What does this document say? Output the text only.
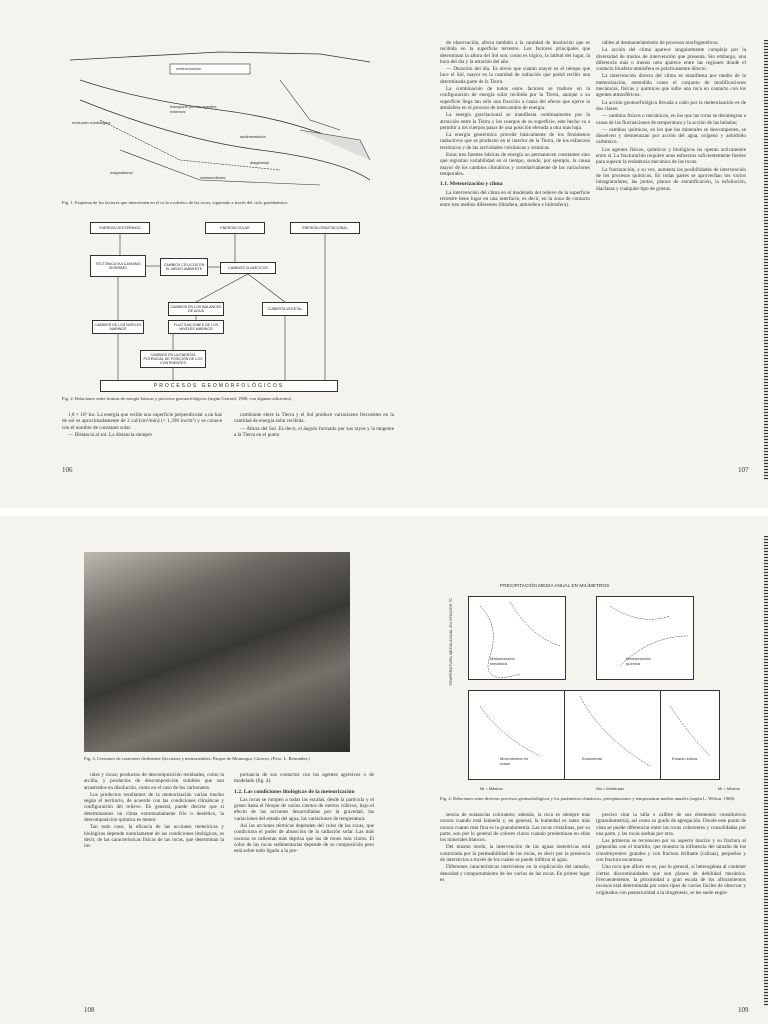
meteorización
transporte por los agentes externos
evolución edafológica
sedimentación
diagénesis
metamorfismo
magmatismo
Fig. 1. Esquema de los factores que intervienen en el ciclo evolutivo de las rocas, siguiendo a través del ciclo geodinámico.
ENERGÍA GEOTÉRMICA	ENERGÍA SOLAR	ENERGÍA GRAVITACIONAL
TECTÓNICA VULCANISMO SISMISMO
CAMBIOS CÍCLICOS EN EL MEDIO AMBIENTE	CAMBIOS CLIMÁTICOS
CAMBIOS EN LOS BALANCES DE AGUA
CUBIERTA VEGETAL
CAMBIOS DE LOS NIVELES MARINOS
FLUCTUACIONES DE LOS NIVELES MARINOS
CAMBIOS EN LA ENERGÍA POTENCIAL DE POSICIÓN DE LOS CONTINENTES
PROCESOS GEOMORFOLÓGICOS
Fig. 2. Relaciones entre formas de energía básicas y procesos geomorfológicos (según Gerrard, 1988, con algunas adiciones).

1,8 × 10² kw. La energía que recibe una superficie perpendicular a un haz de sol es aproximadamente de 2 cal/(cm²/min) (= 1,396 kw/m²) y se conoce con el nombre de constante solar.

— Distancia al sol. La distancia siempre

cambiante entre la Tierra y el Sol produce variaciones frecuentes en la cantidad de energía solar recibida.

— Altura del Sol. Es decir, el ángulo formado por sus rayos y la tangente a la Tierra en el punto

106

de observación, afecta también a la cantidad de insolación que es recibida en la superficie terrestre. Los factores principales que determinan la altura del Sol son, como es lógico, la latitud del lugar, la hora del día y la estación del año.

— Duración del día. Es obvio que cuanto mayor es el tiempo que luce el Sol, mayor es la cantidad de radiación que podrá recibir una determinada parte de la Tierra.

La combinación de todos estos factores se traduce en la configuración de energía solar recibida por la Tierra, aunque a su superficie llega tan sólo una fracción a causa del efecto que ejerce la atmósfera en el proceso de intercambio de energía.

La energía gravitacional se manifiesta continuamente por la atracción entre la Tierra y los cuerpos de su superficie, este hecho va a permitir a los cuerpos pasar de una posición elevada a otra más baja.

La energía geotérmica procede básicamente de los fenómenos radiactivos que se producen en el interior de la Tierra, de los esfuerzos tectónicos y de las actividades volcánicas y sísmicas.

Estas tres fuentes básicas de energía no permanecen constantes sino que registran variabilidad en el tiempo, siendo, por ejemplo, la causa mayor de los cambios climáticos y correlativamente de las variaciones temporales.

1.1. Meteorización y clima

La intervención del clima en el modelado del relieve de la superficie terrestre tiene lugar en una interfacie, es decir, en la zona de contacto entre tres medios diferentes (litosfera, atmósfera e hidrosfera).

rables al desmantelamiento de procesos morfogenéticos.

La acción del clima aparece singularmente compleja por la diversidad de modos de intervención que presenta. Sin embargo, una diferencia más o menos neta aparece entre las regiones donde el contacto litosfera-atmósfera es prácticamente directo.

La intervención directa del clima se manifiesta por medio de la meteorización, entendida como el conjunto de modificaciones mecánicas, físicas y químicas que sufre una roca en contacto con los agentes atmosféricos.

La acción geomorfológica llevada a cabo por la meteorización es de dos clases:

— cambios físicos o mecánicos, en los que las rocas se desintegran a causa de las fluctuaciones de temperatura y la acción de las heladas;

— cambios químicos, en los que los minerales se descomponen, se disuelven y desmenuzan por acción del agua, oxígeno y anhídrido carbónico.

Los agentes físicos, químicos y biológicos no operan activamente entre sí. La fracturación requiere unos esfuerzos suficientemente fuertes para superar la resistencia mecánica de las rocas.

La fracturación, a su vez, aumenta las posibilidades de intervención de los procesos químicos. En todas partes se aprovechan los vacíos intragranulares, las juntas, planos de estratificación, la esfoliación, diaclasas y cualquier tipo de grietas.

107
Fig. 3. Crestones de caracteres fácilmente (lecciones y meteorizables. Parque de Montsegur, Cáceres. (Foto: L. Bermúdez.)

rales y rocas; productos de descomposición residuales, como la arcilla, y productos de descomposición solubles que son arrastrados en disolución, como en el caso de los carbonatos.

Los productos resultantes de la meteorización varían mucho según el territorio, de acuerdo con las condiciones climáticas y configuración del relieve. En general, puede decirse que si determinamos un clima extremadamente frío o desértico, la descomposición química es menor.

Tan todo caso, la eficacia de las acciones meteóricas y biológicas depende notoriamente de las condiciones litológicas, es decir, de las características físicas de las rocas, que determinan la im-

portancia de sus contactos con los agentes agresivos o de modelado (fig. 4).

1.2. Las condiciones litológicas de la meteorización

Las rocas se rompen a todas las escalas, desde la partícula y el grano hasta el bloque de varios cientos de metros cúbicos, bajo el efecto de las acciones desarrolladas por la gravedad, las variaciones del estado del agua, las variaciones de temperatura.

Así las acciones térmicas dependen del color de las rocas, que condiciona el poder de absorción de la radiación solar. Las más oscuras se calientan más deprisa que las de tonos más claros. El color de las rocas sedimentarias depende de su composición pero está sobre todo ligado a la pre-

108
PRECIPITACIÓN MEDIA ANUAL EN MILÍMETROS
TEMPERATURA MEDIA ANUAL EN GRADOS °C	Meteorización mecánica
Meteorización química
Movimientos en masa
Exosmento	Erosión eólica
Mi = Máximo	Mo = Moderado	Mí = Mínimo
Fig. 4. Relaciones entre diversos procesos geomorfológicos y los parámetros climáticos, precipitaciones y temperaturas medias anuales (según L. Wilson, 1968).

sencia de sustancias colorantes; además, la roca es siempre más oscura cuando está húmeda y, en general, la humedad es tanto más oscura cuanto más fina es la granulometría. Las rocas cristalinas, por su parte, son por lo general de colores claros cuando predominan en ellas los minerales blancos.

Del mismo modo, la intervención de las aguas meteóricas está controlada por la permeabilidad de las rocas, es decir por la presencia de intersticios a través de los cuales se puede infiltrar el agua.

Diferentes características intervienen en la explicación del tamaño, densidad y comportamiento de los vacíos de las rocas. En primer lugar es

preciso citar la talla o calibre de sus elementos constitutivos (granulometría), así como su grado de agregación. Donde este punto de vista se puede diferenciar entre las rocas coherentes y consolidadas por una parte, y las rocas sueltas por otra.

Las primeras se reconocen por su aspecto macizo y su fractura al golpearlas con el martillo, que muestra la influencia del tamaño de los constituyentes: grandes y con fractura brillante (calizas), pequeños y con fractura escamosa.

Una roca que afloro en es, por lo general, sí heterogénea al contener ciertas discontinuidades que son planos de debilidad mecánica. Frecuentemente, la proximidad a gran escala de los afloramientos rocosos está determinada por estos tipos de vacíos fáciles de observar y originados con posterioridad a la litogénesis, se les suele englo-

109
